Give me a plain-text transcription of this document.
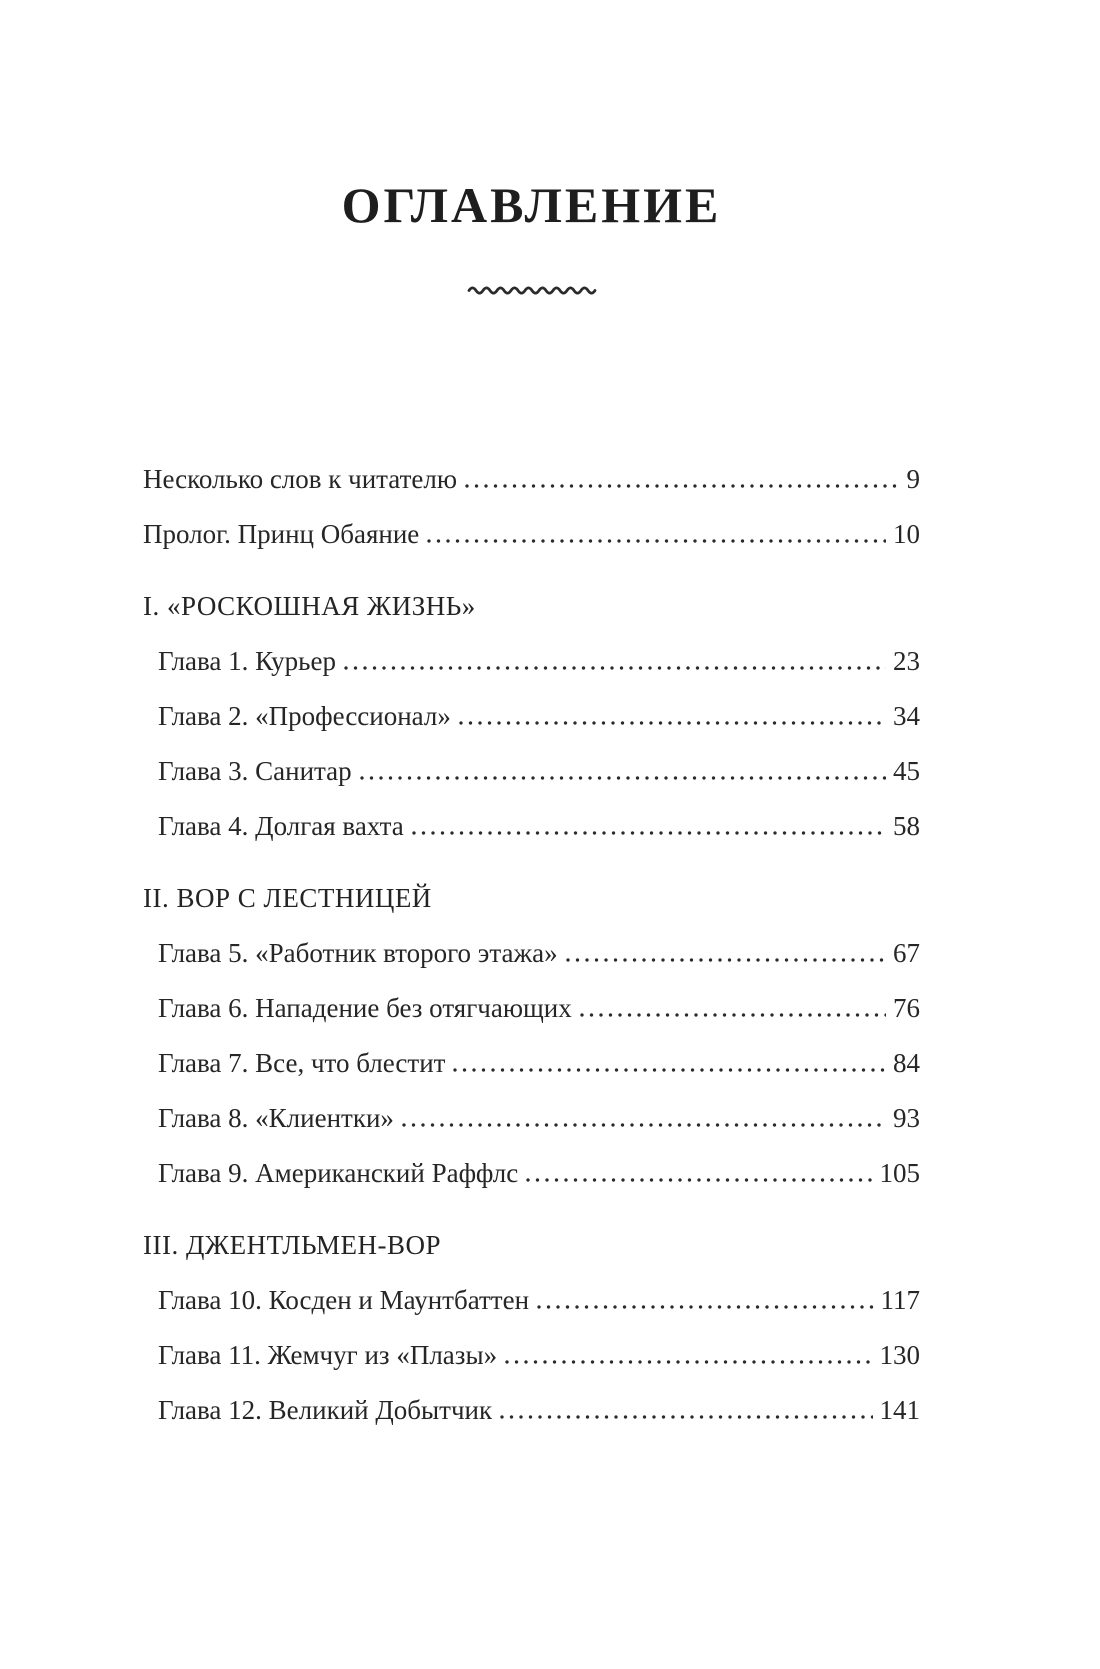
ОГЛАВЛЕНИЕ
Несколько слов к читателю	9
Пролог. Принц Обаяние	10
I. «РОСКОШНАЯ ЖИЗНЬ»
Глава 1. Курьер	23
Глава 2. «Профессионал»	34
Глава 3. Санитар	45
Глава 4. Долгая вахта	58
II. ВОР С ЛЕСТНИЦЕЙ
Глава 5. «Работник второго этажа»	67
Глава 6. Нападение без отягчающих	76
Глава 7. Все, что блестит	84
Глава 8. «Клиентки»	93
Глава 9. Американский Раффлс	105
III. ДЖЕНТЛЬМЕН-ВОР
Глава 10. Косден и Маунтбаттен	117
Глава 11. Жемчуг из «Плазы»	130
Глава 12. Великий Добытчик	141
